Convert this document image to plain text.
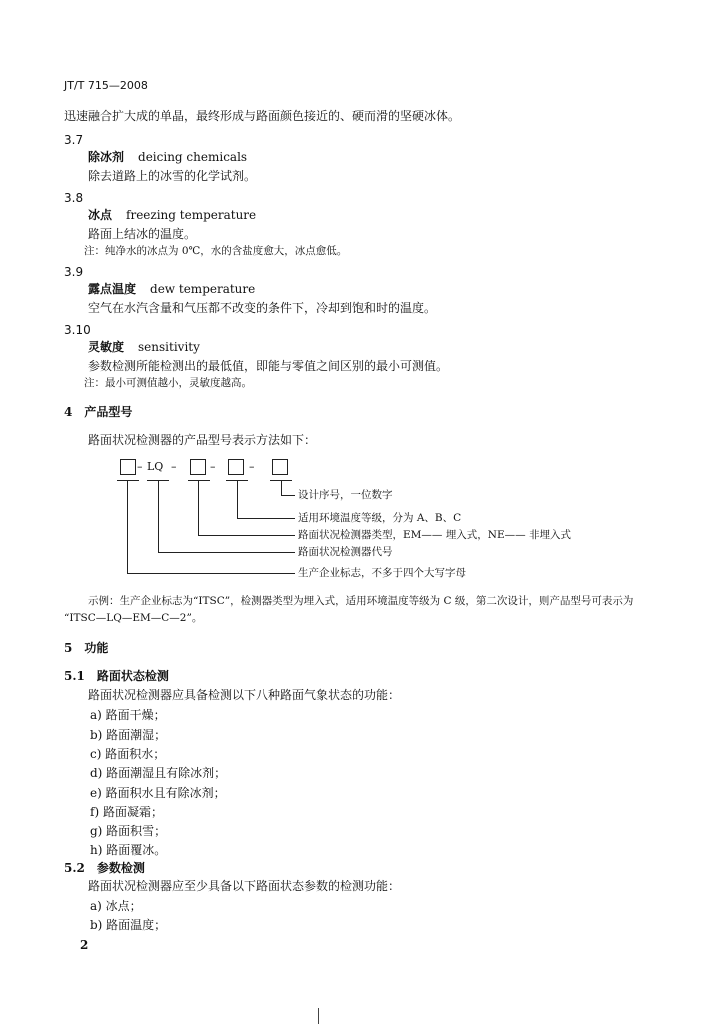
JT/T 715—2008
迅速融合扩大成的单晶，最终形成与路面颜色接近的、硬而滑的坚硬冰体。
3.7
除冰剂 deicing chemicals
除去道路上的冰雪的化学试剂。
3.8
冰点 freezing temperature
路面上结冰的温度。
注：纯净水的冰点为 0℃，水的含盐度愈大，冰点愈低。
3.9
露点温度 dew temperature
空气在水汽含量和气压都不改变的条件下，冷却到饱和时的温度。
3.10
灵敏度 sensitivity
参数检测所能检测出的最低值，即能与零值之间区别的最小可测值。
注：最小可测值越小，灵敏度越高。
4　产品型号
路面状况检测器的产品型号表示方法如下：
– LQ –	–	–
设计序号，一位数字
适用环境温度等级，分为 A、B、C
路面状况检测器类型，EM—— 埋入式，NE—— 非埋入式
路面状况检测器代号
生产企业标志，不多于四个大写字母
示例：生产企业标志为“ITSC”，检测器类型为埋入式，适用环境温度等级为 C 级，第二次设计，则产品型号可表示为
“ITSC—LQ—EM—C—2”。
5　功能
5.1　路面状态检测
路面状况检测器应具备检测以下八种路面气象状态的功能：
a) 路面干燥；
b) 路面潮湿；
c) 路面积水；
d) 路面潮湿且有除冰剂；
e) 路面积水且有除冰剂；
f) 路面凝霜；
g) 路面积雪；
h) 路面覆冰。
5.2　参数检测
路面状况检测器应至少具备以下路面状态参数的检测功能：
a) 冰点；
b) 路面温度；
2
